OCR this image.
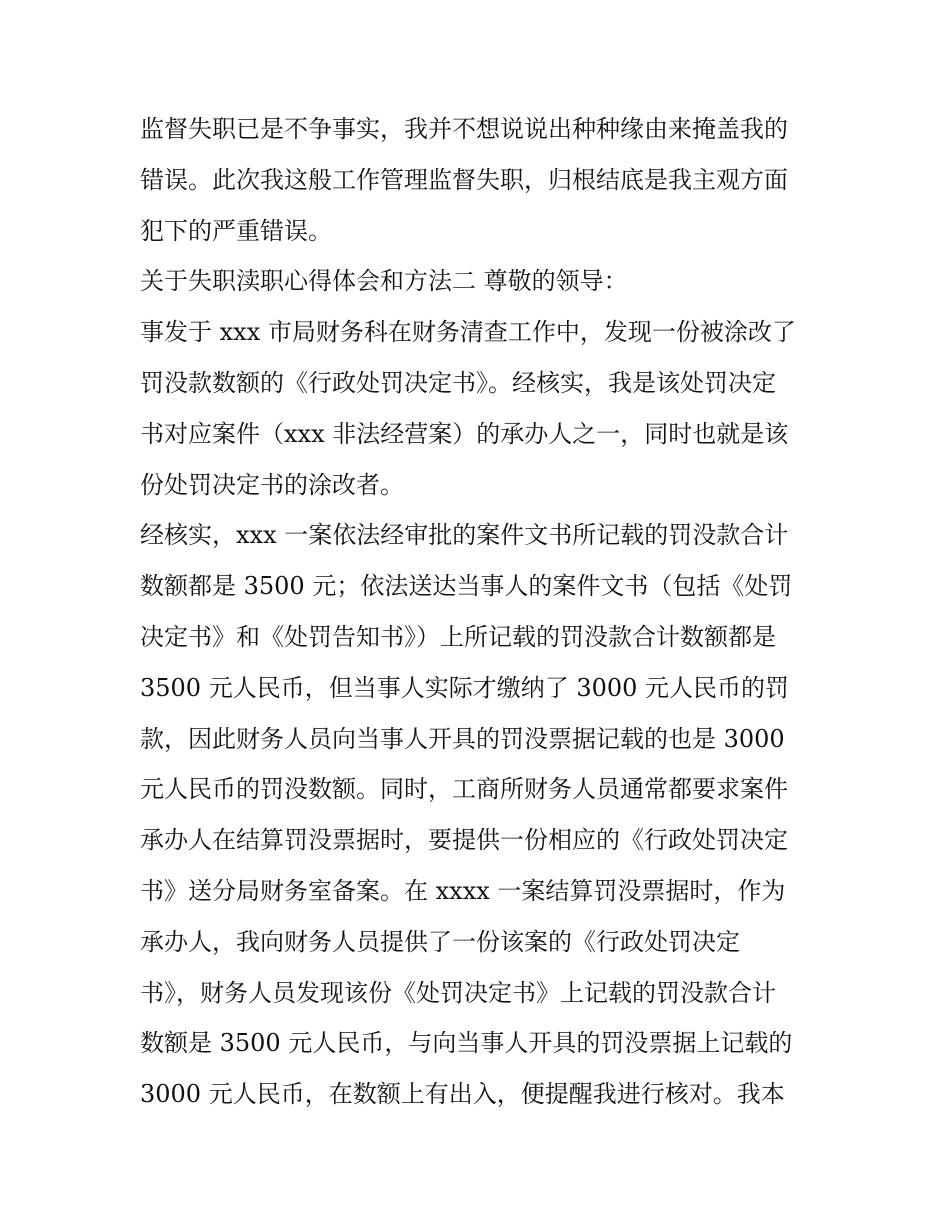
监督失职已是不争事实，我并不想说说出种种缘由来掩盖我的
错误。此次我这般工作管理监督失职，归根结底是我主观方面
犯下的严重错误。
关于失职渎职心得体会和方法二 尊敬的领导：
事发于 xxx 市局财务科在财务清查工作中，发现一份被涂改了
罚没款数额的《行政处罚决定书》。经核实，我是该处罚决定
书对应案件（xxx 非法经营案）的承办人之一，同时也就是该
份处罚决定书的涂改者。
经核实，xxx 一案依法经审批的案件文书所记载的罚没款合计
数额都是 3500 元；依法送达当事人的案件文书（包括《处罚
决定书》和《处罚告知书》）上所记载的罚没款合计数额都是
3500 元人民币，但当事人实际才缴纳了 3000 元人民币的罚
款，因此财务人员向当事人开具的罚没票据记载的也是 3000
元人民币的罚没数额。同时，工商所财务人员通常都要求案件
承办人在结算罚没票据时，要提供一份相应的《行政处罚决定
书》送分局财务室备案。在 xxxx 一案结算罚没票据时，作为
承办人，我向财务人员提供了一份该案的《行政处罚决定
书》，财务人员发现该份《处罚决定书》上记载的罚没款合计
数额是 3500 元人民币，与向当事人开具的罚没票据上记载的
3000 元人民币，在数额上有出入，便提醒我进行核对。我本
